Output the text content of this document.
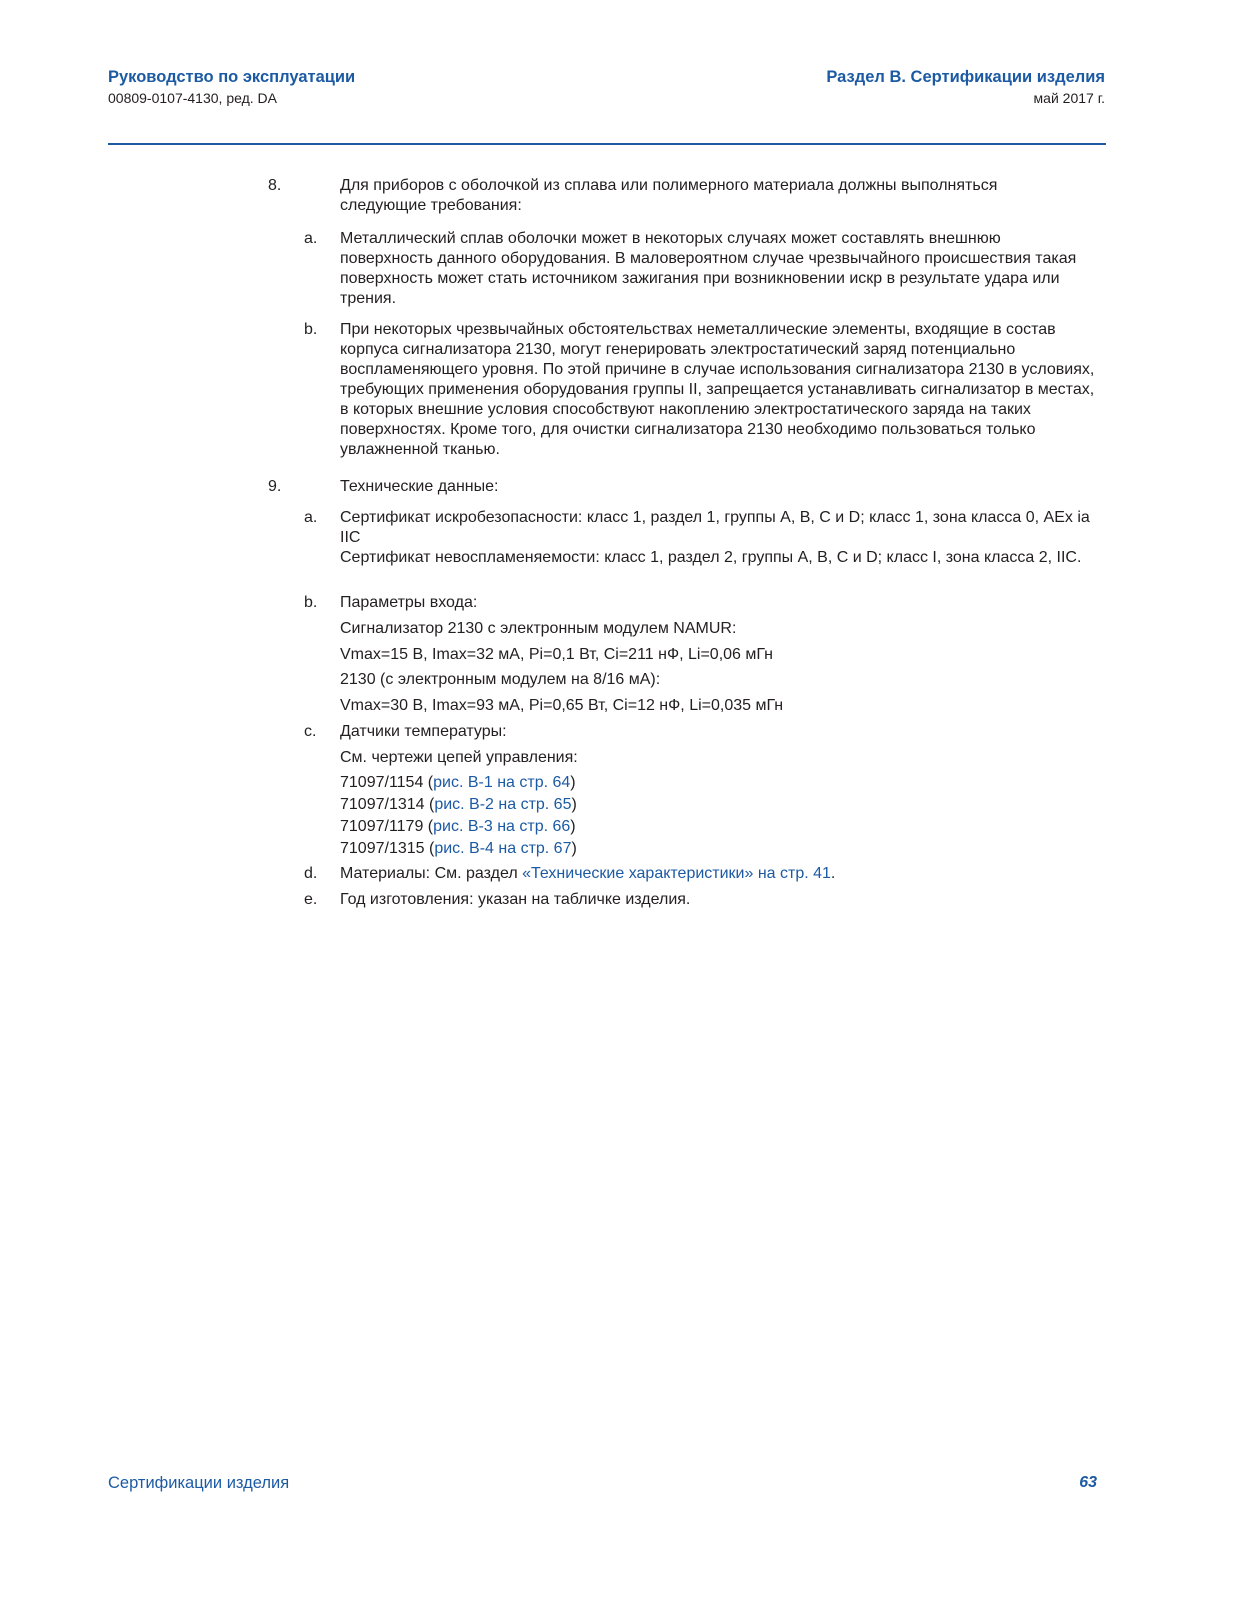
Руководство по эксплуатации
00809-0107-4130, ред. DA
Раздел B. Сертификации изделия
май 2017 г.
8.	Для приборов с оболочкой из сплава или полимерного материала должны выполняться следующие требования:
a. Металлический сплав оболочки может в некоторых случаях может составлять внешнюю поверхность данного оборудования. В маловероятном случае чрезвычайного происшествия такая поверхность может стать источником зажигания при возникновении искр в результате удара или трения.
b. При некоторых чрезвычайных обстоятельствах неметаллические элементы, входящие в состав корпуса сигнализатора 2130, могут генерировать электростатический заряд потенциально воспламеняющего уровня. По этой причине в случае использования сигнализатора 2130 в условиях, требующих применения оборудования группы II, запрещается устанавливать сигнализатор в местах, в которых внешние условия способствуют накоплению электростатического заряда на таких поверхностях. Кроме того, для очистки сигнализатора 2130 необходимо пользоваться только увлажненной тканью.
9.	Технические данные:
a. Сертификат искробезопасности: класс 1, раздел 1, группы A, B, C и D; класс 1, зона класса 0, AEx ia IIC
Сертификат невоспламеняемости: класс 1, раздел 2, группы A, B, C и D; класс I, зона класса 2, IIC.
b. Параметры входа:
Сигнализатор 2130 с электронным модулем NAMUR:
Vmax=15 В, Imax=32 мА, Pi=0,1 Вт, Ci=211 нФ, Li=0,06 мГн
2130 (с электронным модулем на 8/16 мА):
Vmax=30 В, Imax=93 мА, Pi=0,65 Вт, Ci=12 нФ, Li=0,035 мГн
c. Датчики температуры:
См. чертежи цепей управления:
71097/1154 (рис. B-1 на стр. 64)
71097/1314 (рис. B-2 на стр. 65)
71097/1179 (рис. B-3 на стр. 66)
71097/1315 (рис. B-4 на стр. 67)
d. Материалы: См. раздел «Технические характеристики» на стр. 41.
e. Год изготовления: указан на табличке изделия.
Сертификации изделия	63
